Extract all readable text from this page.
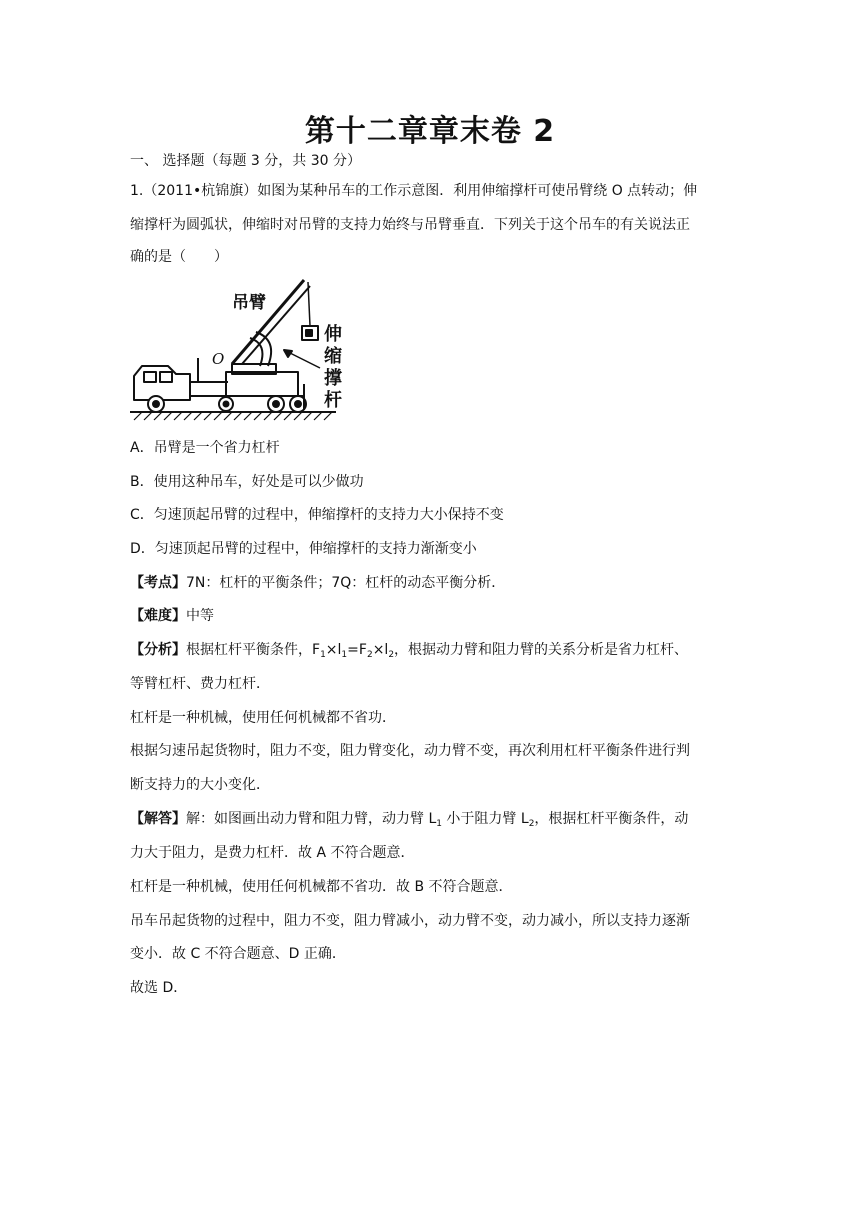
第十二章章末卷 2
一、 选择题（每题 3 分，共 30 分）
1.（2011•杭锦旗）如图为某种吊车的工作示意图．利用伸缩撑杆可使吊臂绕 O 点转动；伸
缩撑杆为圆弧状，伸缩时对吊臂的支持力始终与吊臂垂直．下列关于这个吊车的有关说法正
确的是（　　）
吊臂
O
伸
缩
撑
杆
A．吊臂是一个省力杠杆
B．使用这种吊车，好处是可以少做功
C．匀速顶起吊臂的过程中，伸缩撑杆的支持力大小保持不变
D．匀速顶起吊臂的过程中，伸缩撑杆的支持力渐渐变小
【考点】7N：杠杆的平衡条件；7Q：杠杆的动态平衡分析．
【难度】中等
【分析】根据杠杆平衡条件，$F_1\times l_1=F_2\times l_2$，根据动力臂和阻力臂的关系分析是省力杠杆、
等臂杠杆、费力杠杆．
杠杆是一种机械，使用任何机械都不省功．
根据匀速吊起货物时，阻力不变，阻力臂变化，动力臂不变，再次利用杠杆平衡条件进行判
断支持力的大小变化．
【解答】解：如图画出动力臂和阻力臂，动力臂 $L_1$ 小于阻力臂 $L_2$，根据杠杆平衡条件，动
力大于阻力，是费力杠杆．故 A 不符合题意．
杠杆是一种机械，使用任何机械都不省功．故 B 不符合题意．
吊车吊起货物的过程中，阻力不变，阻力臂减小，动力臂不变，动力减小，所以支持力逐渐
变小．故 C 不符合题意、D 正确．
故选 D．
